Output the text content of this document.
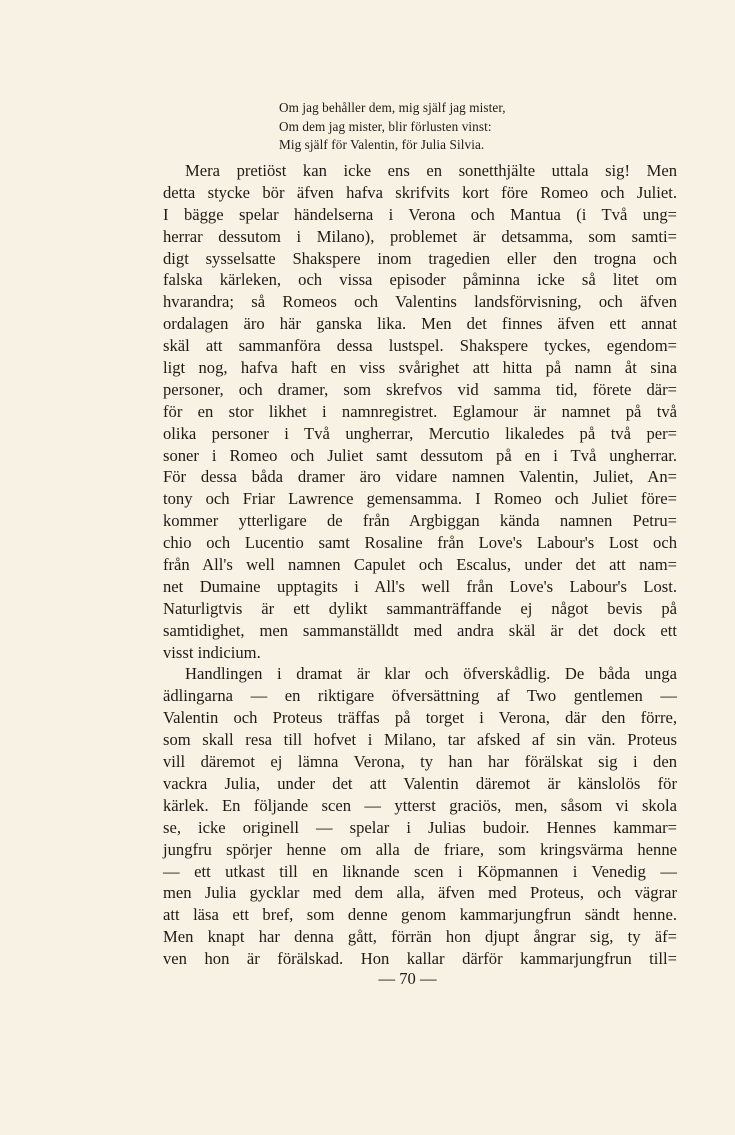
Om jag behåller dem, mig själf jag mister,
Om dem jag mister, blir förlusten vinst:
Mig själf för Valentin, för Julia Silvia.
Mera pretiöst kan icke ens en sonetthjälte uttala sig! Men
detta stycke bör äfven hafva skrifvits kort före Romeo och Juliet.
I bägge spelar händelserna i Verona och Mantua (i Två ung=
herrar dessutom i Milano), problemet är detsamma, som samti=
digt sysselsatte Shakspere inom tragedien eller den trogna och
falska kärleken, och vissa episoder påminna icke så litet om
hvarandra; så Romeos och Valentins landsförvisning, och äfven
ordalagen äro här ganska lika. Men det finnes äfven ett annat
skäl att sammanföra dessa lustspel. Shakspere tyckes, egendom=
ligt nog, hafva haft en viss svårighet att hitta på namn åt sina
personer, och dramer, som skrefvos vid samma tid, förete där=
för en stor likhet i namnregistret. Eglamour är namnet på två
olika personer i Två ungherrar, Mercutio likaledes på två per=
soner i Romeo och Juliet samt dessutom på en i Två ungherrar.
För dessa båda dramer äro vidare namnen Valentin, Juliet, An=
tony och Friar Lawrence gemensamma. I Romeo och Juliet före=
kommer ytterligare de från Argbiggan kända namnen Petru=
chio och Lucentio samt Rosaline från Love's Labour's Lost och
från All's well namnen Capulet och Escalus, under det att nam=
net Dumaine upptagits i All's well från Love's Labour's Lost.
Naturligtvis är ett dylikt sammanträffande ej något bevis på
samtidighet, men sammanställdt med andra skäl är det dock ett
visst indicium.
Handlingen i dramat är klar och öfverskådlig. De båda unga
ädlingarna — en riktigare öfversättning af Two gentlemen —
Valentin och Proteus träffas på torget i Verona, där den förre,
som skall resa till hofvet i Milano, tar afsked af sin vän. Proteus
vill däremot ej lämna Verona, ty han har förälskat sig i den
vackra Julia, under det att Valentin däremot är känslolös för
kärlek. En följande scen — ytterst graciös, men, såsom vi skola
se, icke originell — spelar i Julias budoir. Hennes kammar=
jungfru spörjer henne om alla de friare, som kringsvärma henne
— ett utkast till en liknande scen i Köpmannen i Venedig —
men Julia gycklar med dem alla, äfven med Proteus, och vägrar
att läsa ett bref, som denne genom kammarjungfrun sändt henne.
Men knapt har denna gått, förrän hon djupt ångrar sig, ty äf=
ven hon är förälskad. Hon kallar därför kammarjungfrun till=
— 70 —
